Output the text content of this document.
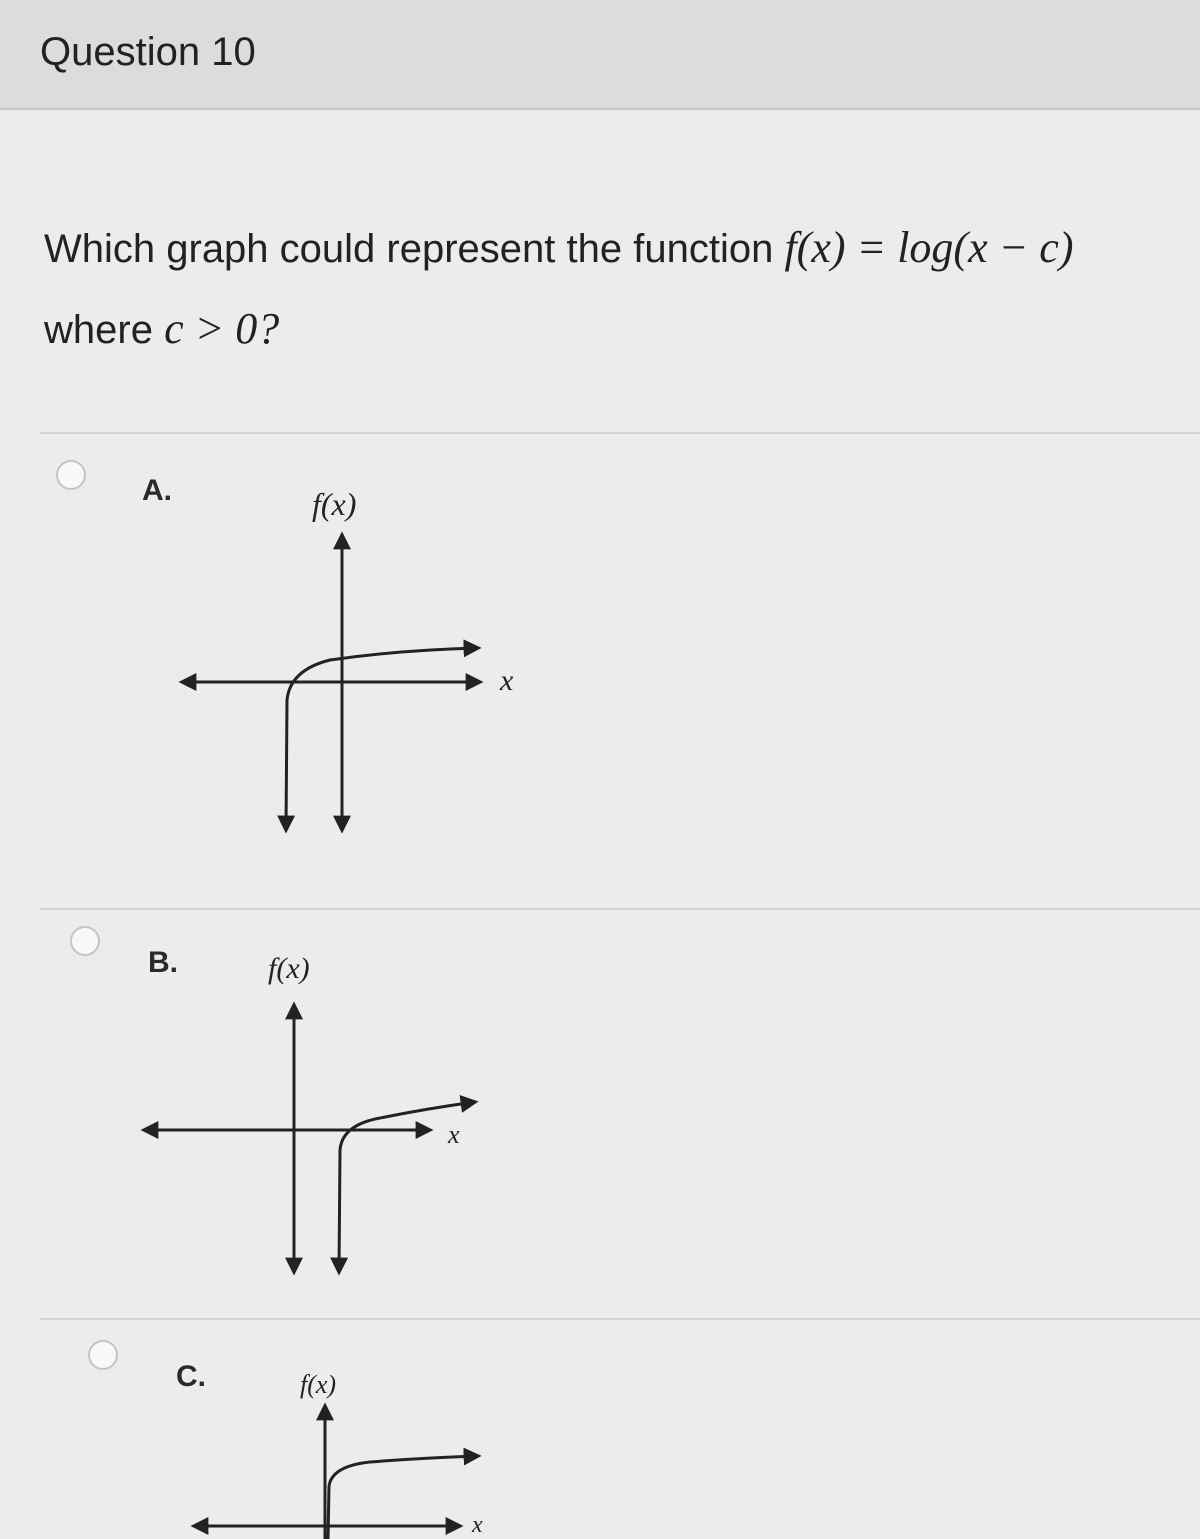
Question 10
Which graph could represent the function f(x) = log(x − c)
where c > 0?
A.	f(x)
x
B.	f(x)
x
C.	f(x)
x
